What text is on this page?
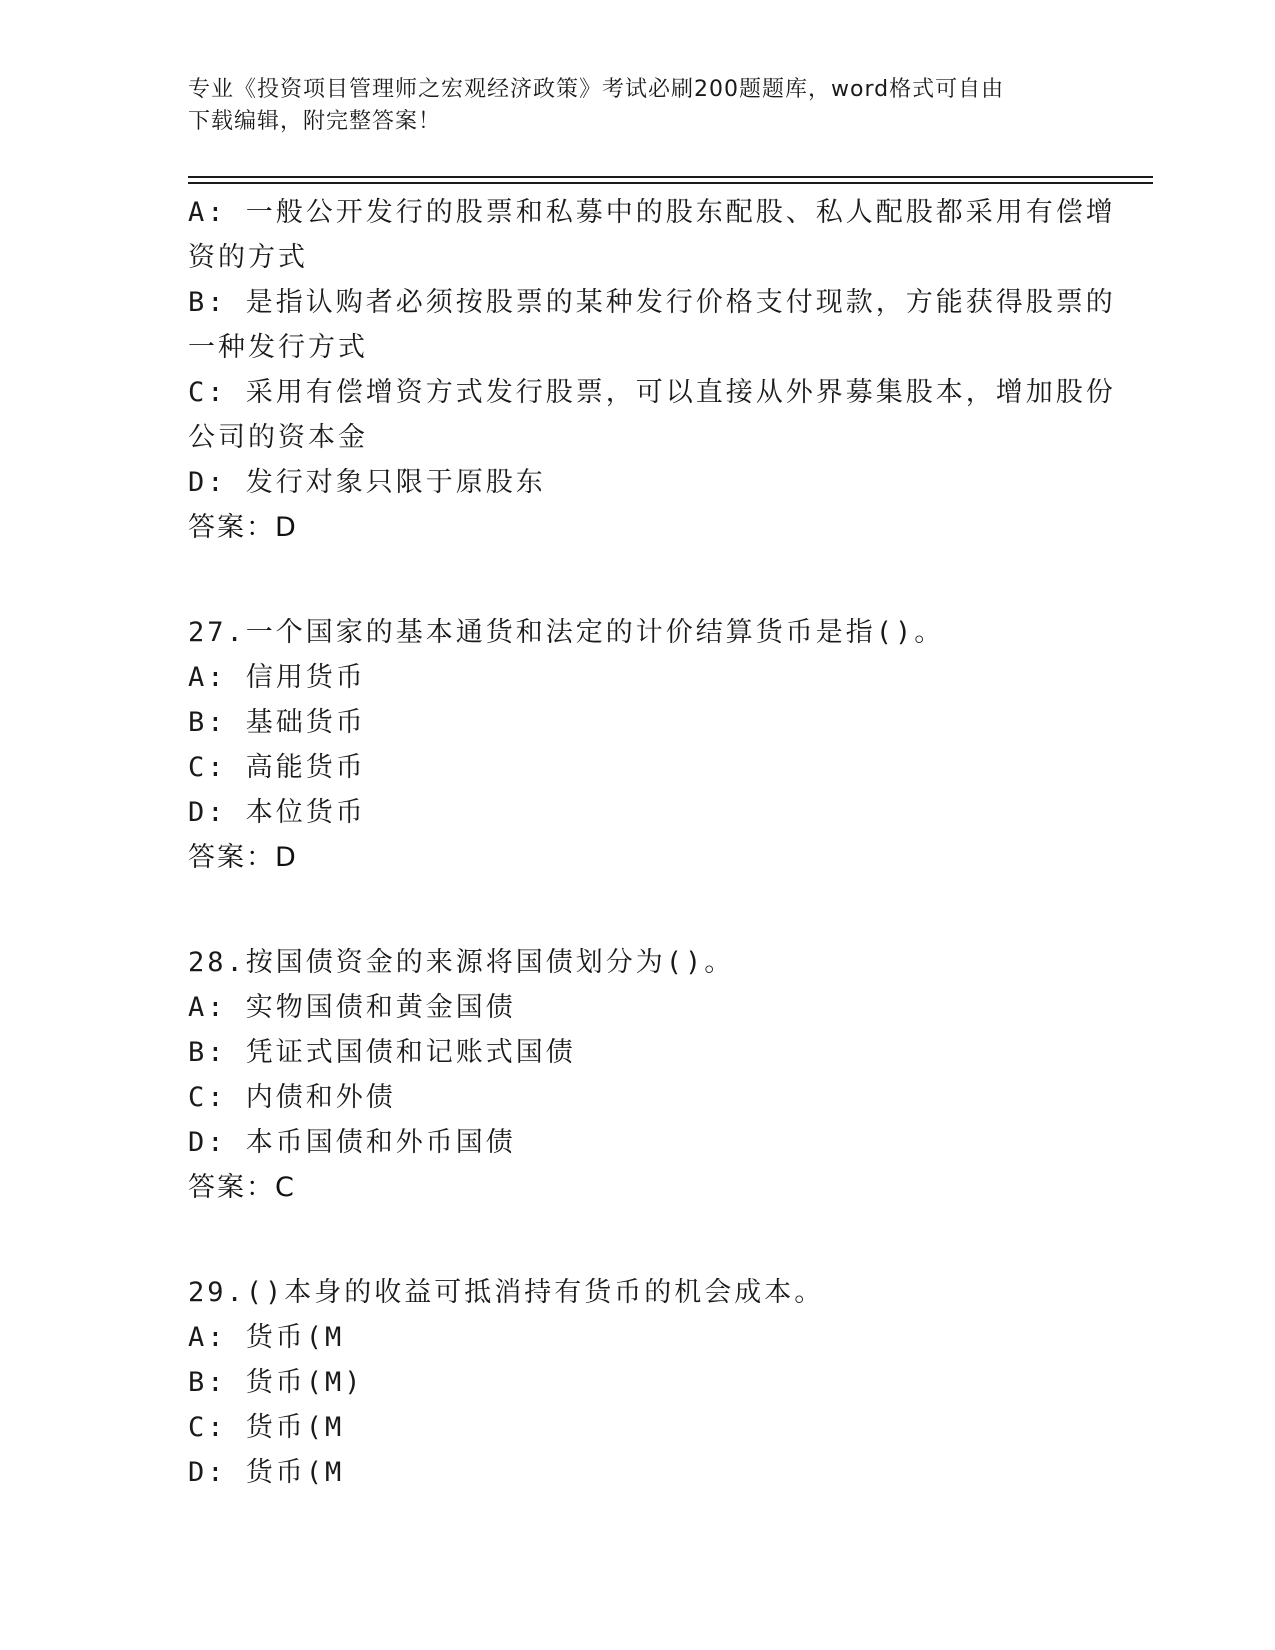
专业《投资项目管理师之宏观经济政策》考试必刷200题题库，word格式可自由
下载编辑，附完整答案！
A: 一般公开发行的股票和私募中的股东配股、私人配股都采用有偿增
资的方式
B: 是指认购者必须按股票的某种发行价格支付现款，方能获得股票的
一种发行方式
C: 采用有偿增资方式发行股票，可以直接从外界募集股本，增加股份
公司的资本金
D: 发行对象只限于原股东
答案：D
27.一个国家的基本通货和法定的计价结算货币是指()。
A: 信用货币
B: 基础货币
C: 高能货币
D: 本位货币
答案：D
28.按国债资金的来源将国债划分为()。
A: 实物国债和黄金国债
B: 凭证式国债和记账式国债
C: 内债和外债
D: 本币国债和外币国债
答案：C
29.()本身的收益可抵消持有货币的机会成本。
A: 货币(M
B: 货币(M)
C: 货币(M
D: 货币(M
